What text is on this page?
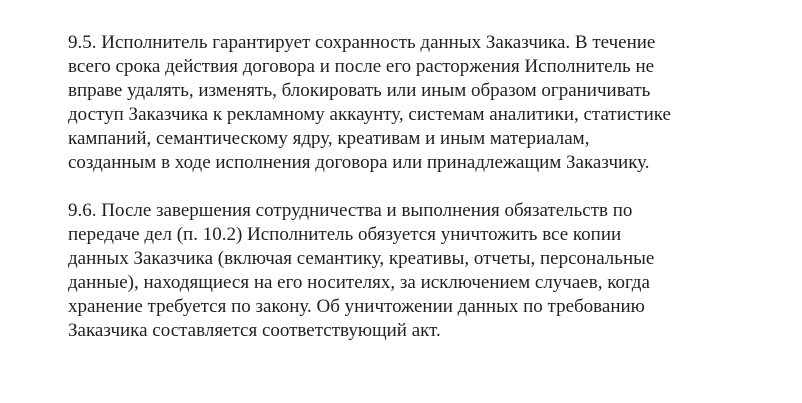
9.5. Исполнитель гарантирует сохранность данных Заказчика. В течение
всего срока действия договора и после его расторжения Исполнитель не
вправе удалять, изменять, блокировать или иным образом ограничивать
доступ Заказчика к рекламному аккаунту, системам аналитики, статистике
кампаний, семантическому ядру, креативам и иным материалам,
созданным в ходе исполнения договора или принадлежащим Заказчику.

9.6. После завершения сотрудничества и выполнения обязательств по
передаче дел (п. 10.2) Исполнитель обязуется уничтожить все копии
данных Заказчика (включая семантику, креативы, отчеты, персональные
данные), находящиеся на его носителях, за исключением случаев, когда
хранение требуется по закону. Об уничтожении данных по требованию
Заказчика составляется соответствующий акт.
